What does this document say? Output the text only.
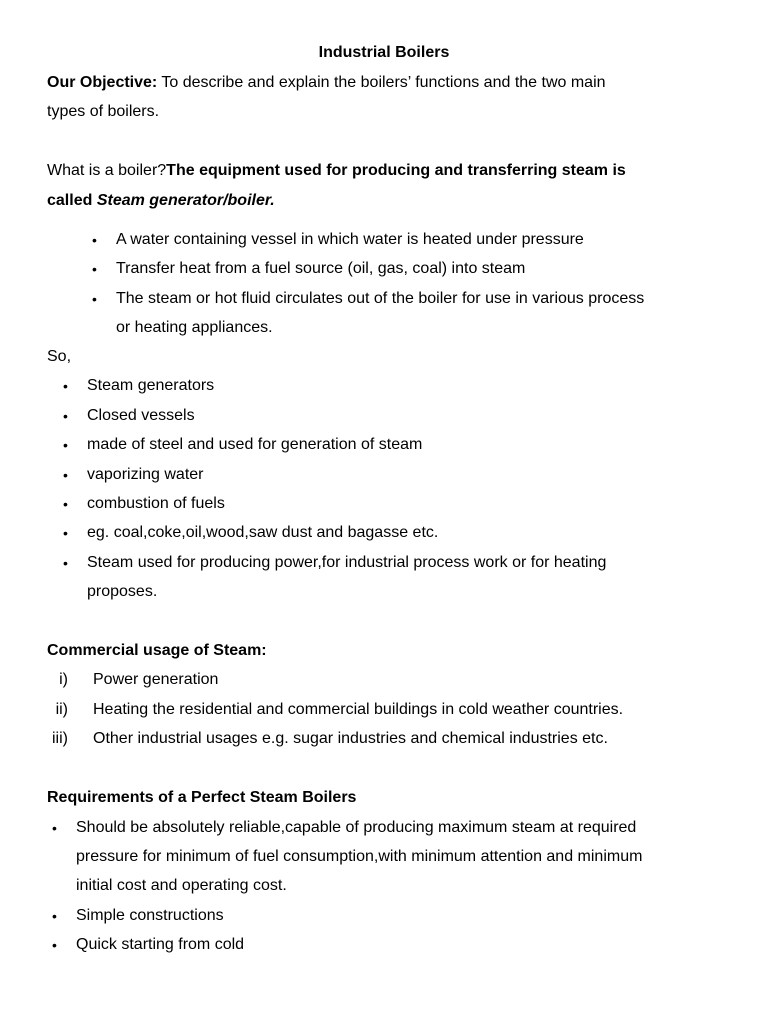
Industrial Boilers
Our Objective: To describe and explain the boilers’ functions and the two main
types of boilers.
What is a boiler?The equipment used for producing and transferring steam is
called Steam generator/boiler.
• A water containing vessel in which water is heated under pressure
• Transfer heat from a fuel source (oil, gas, coal) into steam
• The steam or hot fluid circulates out of the boiler for use in various process
or heating appliances.
So,
• Steam generators
• Closed vessels
• made of steel and used for generation of steam
• vaporizing water
• combustion of fuels
• eg. coal,coke,oil,wood,saw dust and bagasse etc.
• Steam used for producing power,for industrial process work or for heating
proposes.
Commercial usage of Steam:
i) Power generation
ii) Heating the residential and commercial buildings in cold weather countries.
iii) Other industrial usages e.g. sugar industries and chemical industries etc.
Requirements of a Perfect Steam Boilers
• Should be absolutely reliable,capable of producing maximum steam at required
pressure for minimum of fuel consumption,with minimum attention and minimum
initial cost and operating cost.
• Simple constructions
• Quick starting from cold
